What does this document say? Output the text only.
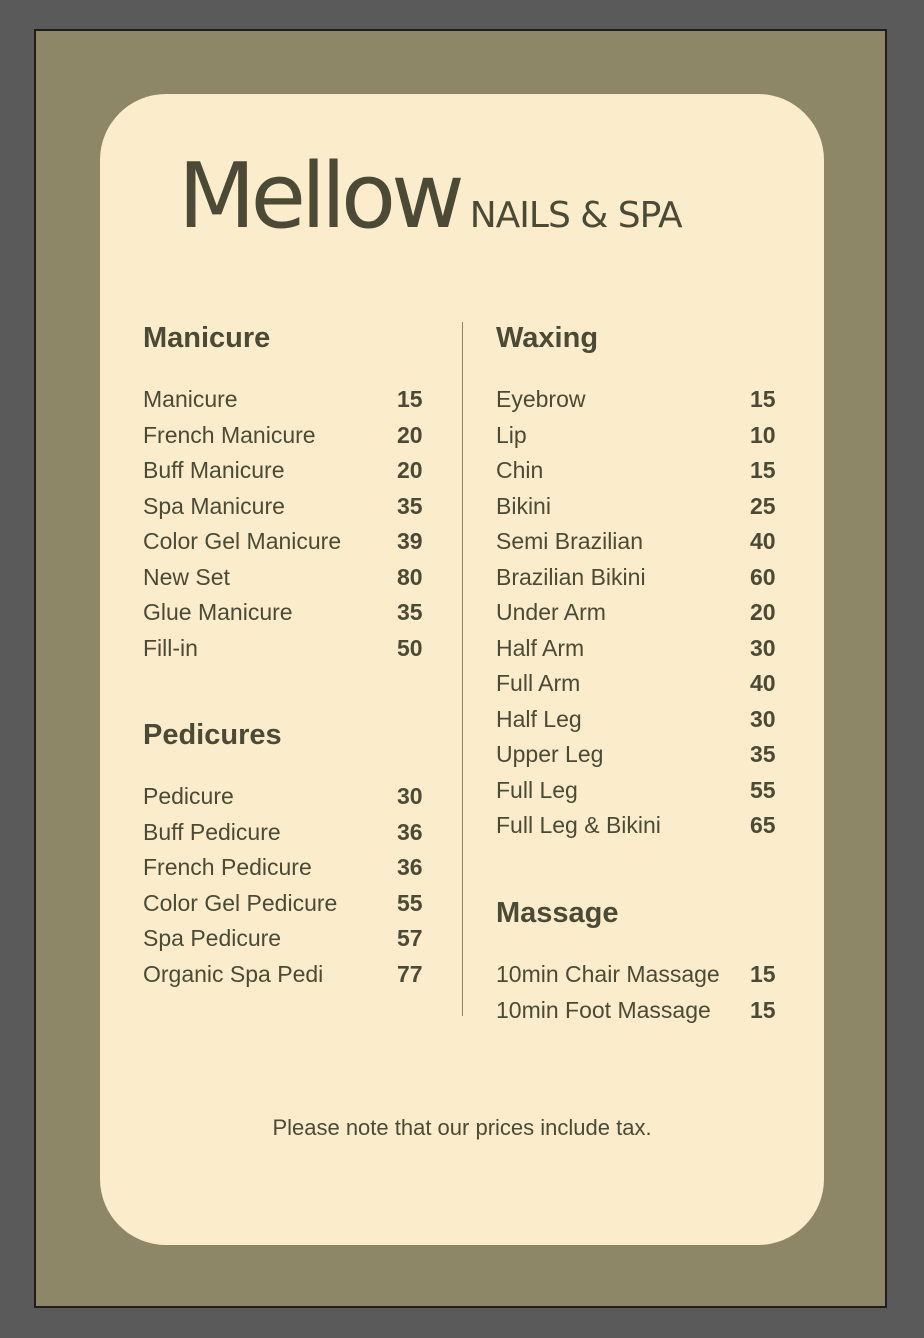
Mellow NAILS & SPA
Manicure
Manicure	15
French Manicure	20
Buff Manicure	20
Spa Manicure	35
Color Gel Manicure	39
New Set	80
Glue Manicure	35
Fill-in	50
Pedicures
Pedicure	30
Buff Pedicure	36
French Pedicure	36
Color Gel Pedicure	55
Spa Pedicure	57
Organic Spa Pedi	77
Waxing
Eyebrow	15
Lip	10
Chin	15
Bikini	25
Semi Brazilian	40
Brazilian Bikini	60
Under Arm	20
Half Arm	30
Full Arm	40
Half Leg	30
Upper Leg	35
Full Leg	55
Full Leg & Bikini	65
Massage
10min Chair Massage	15
10min Foot Massage	15
Please note that our prices include tax.
